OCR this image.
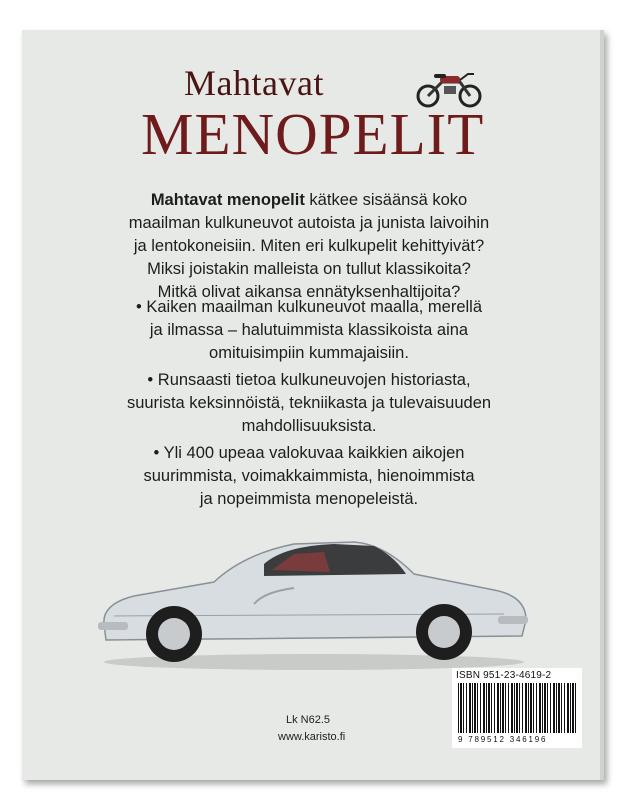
Mahtavat
MENOPELIT
Mahtavat menopelit kätkee sisäänsä koko
maailman kulkuneuvot autoista ja junista laivoihin
ja lentokoneisiin. Miten eri kulkupelit kehittyivät?
Miksi joistakin malleista on tullut klassikoita?
Mitkä olivat aikansa ennätyksenhaltijoita?
• Kaiken maailman kulkuneuvot maalla, merellä
ja ilmassa – halutuimmista klassikoista aina
omituisimpiin kummajaisiin.
• Runsaasti tietoa kulkuneuvojen historiasta,
suurista keksinnöistä, tekniikasta ja tulevaisuuden
mahdollisuuksista.
• Yli 400 upeaa valokuvaa kaikkien aikojen
suurimmista, voimakkaimmista, hienoimmista
ja nopeimmista menopeleistä.
Lk N62.5
www.karisto.fi
ISBN 951-23-4619-2
9 789512 346196
